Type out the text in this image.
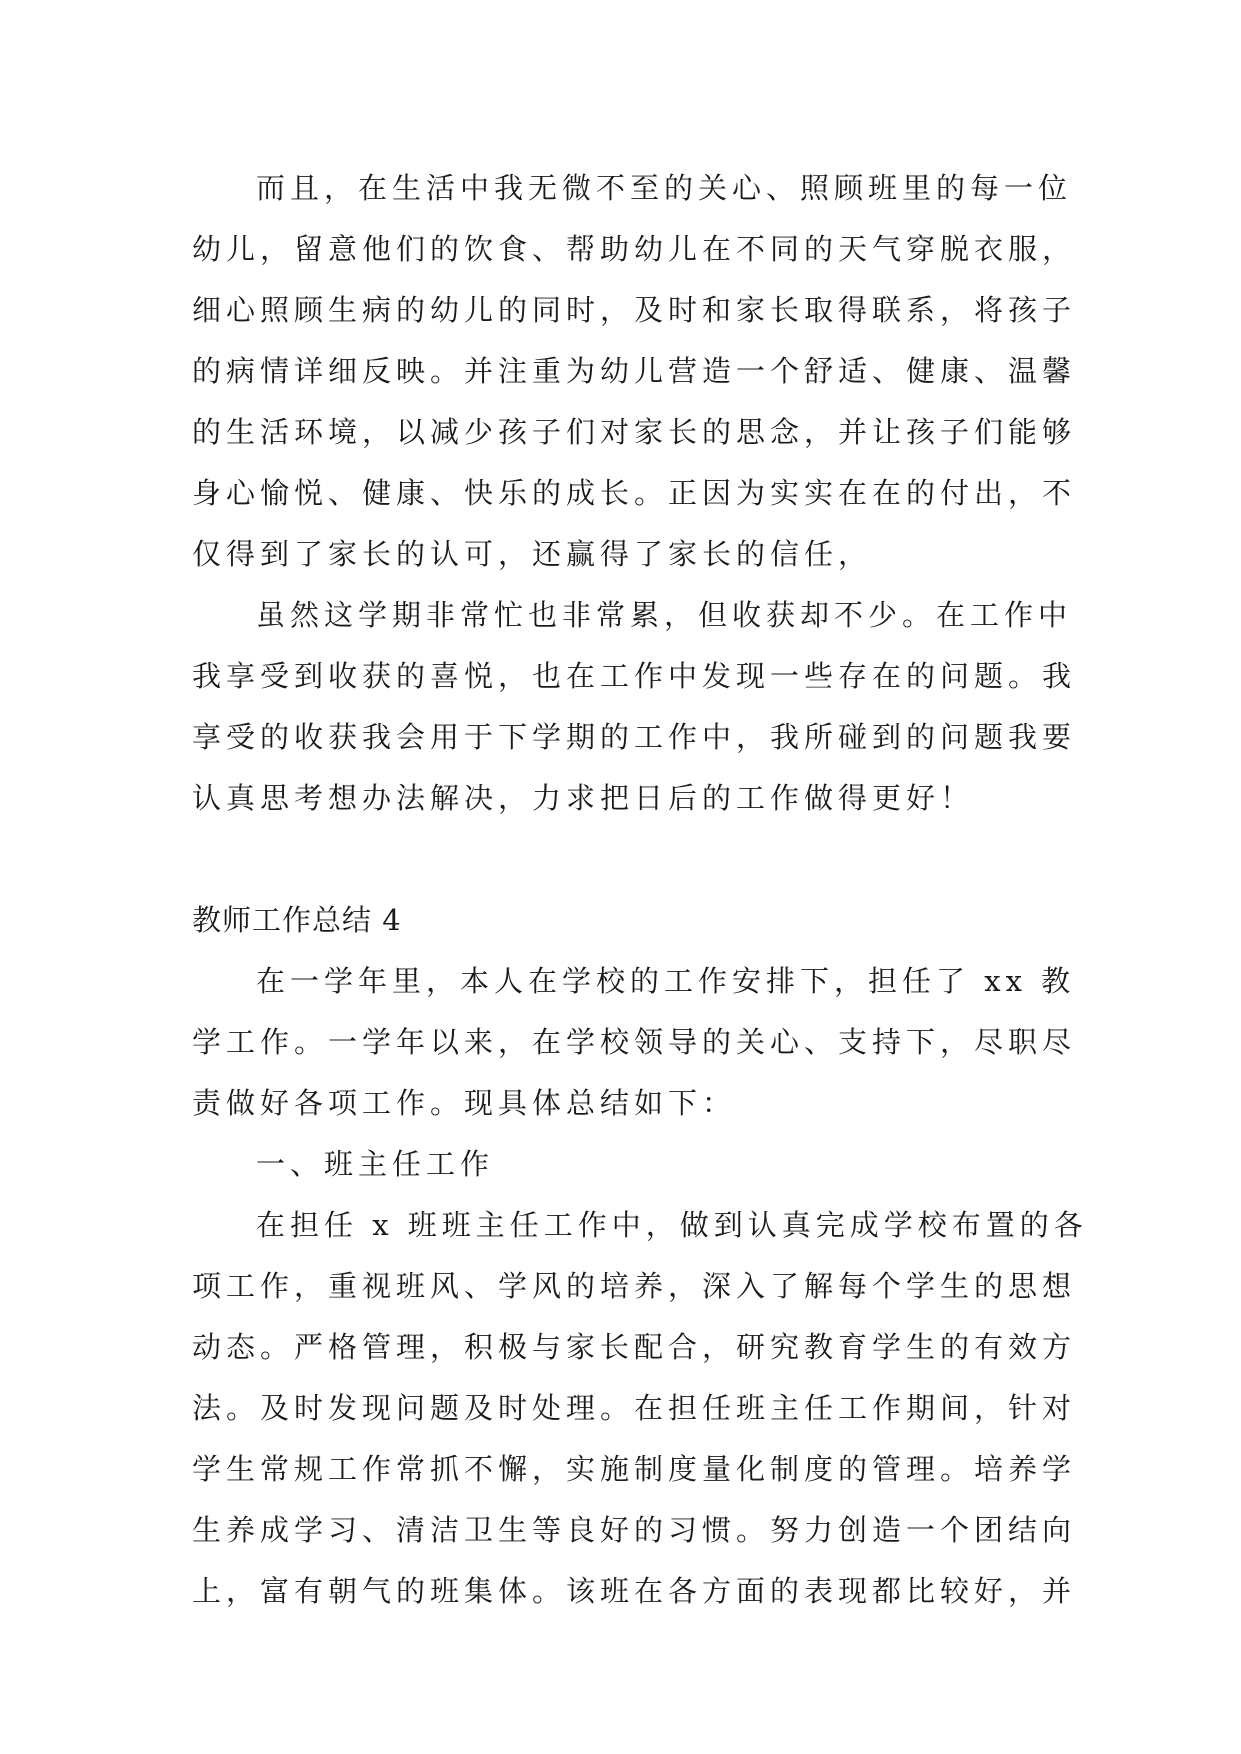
而且，在生活中我无微不至的关心、照顾班里的每一位
幼儿，留意他们的饮食、帮助幼儿在不同的天气穿脱衣服，
细心照顾生病的幼儿的同时，及时和家长取得联系，将孩子
的病情详细反映。并注重为幼儿营造一个舒适、健康、温馨
的生活环境，以减少孩子们对家长的思念，并让孩子们能够
身心愉悦、健康、快乐的成长。正因为实实在在的付出，不
仅得到了家长的认可，还赢得了家长的信任，
虽然这学期非常忙也非常累，但收获却不少。在工作中
我享受到收获的喜悦，也在工作中发现一些存在的问题。我
享受的收获我会用于下学期的工作中，我所碰到的问题我要
认真思考想办法解决，力求把日后的工作做得更好！
教师工作总结 4
在一学年里，本人在学校的工作安排下，担任了 xx 教
学工作。一学年以来，在学校领导的关心、支持下，尽职尽
责做好各项工作。现具体总结如下：
一、班主任工作
在担任 x 班班主任工作中，做到认真完成学校布置的各
项工作，重视班风、学风的培养，深入了解每个学生的思想
动态。严格管理，积极与家长配合，研究教育学生的有效方
法。及时发现问题及时处理。在担任班主任工作期间，针对
学生常规工作常抓不懈，实施制度量化制度的管理。培养学
生养成学习、清洁卫生等良好的习惯。努力创造一个团结向
上，富有朝气的班集体。该班在各方面的表现都比较好，并
